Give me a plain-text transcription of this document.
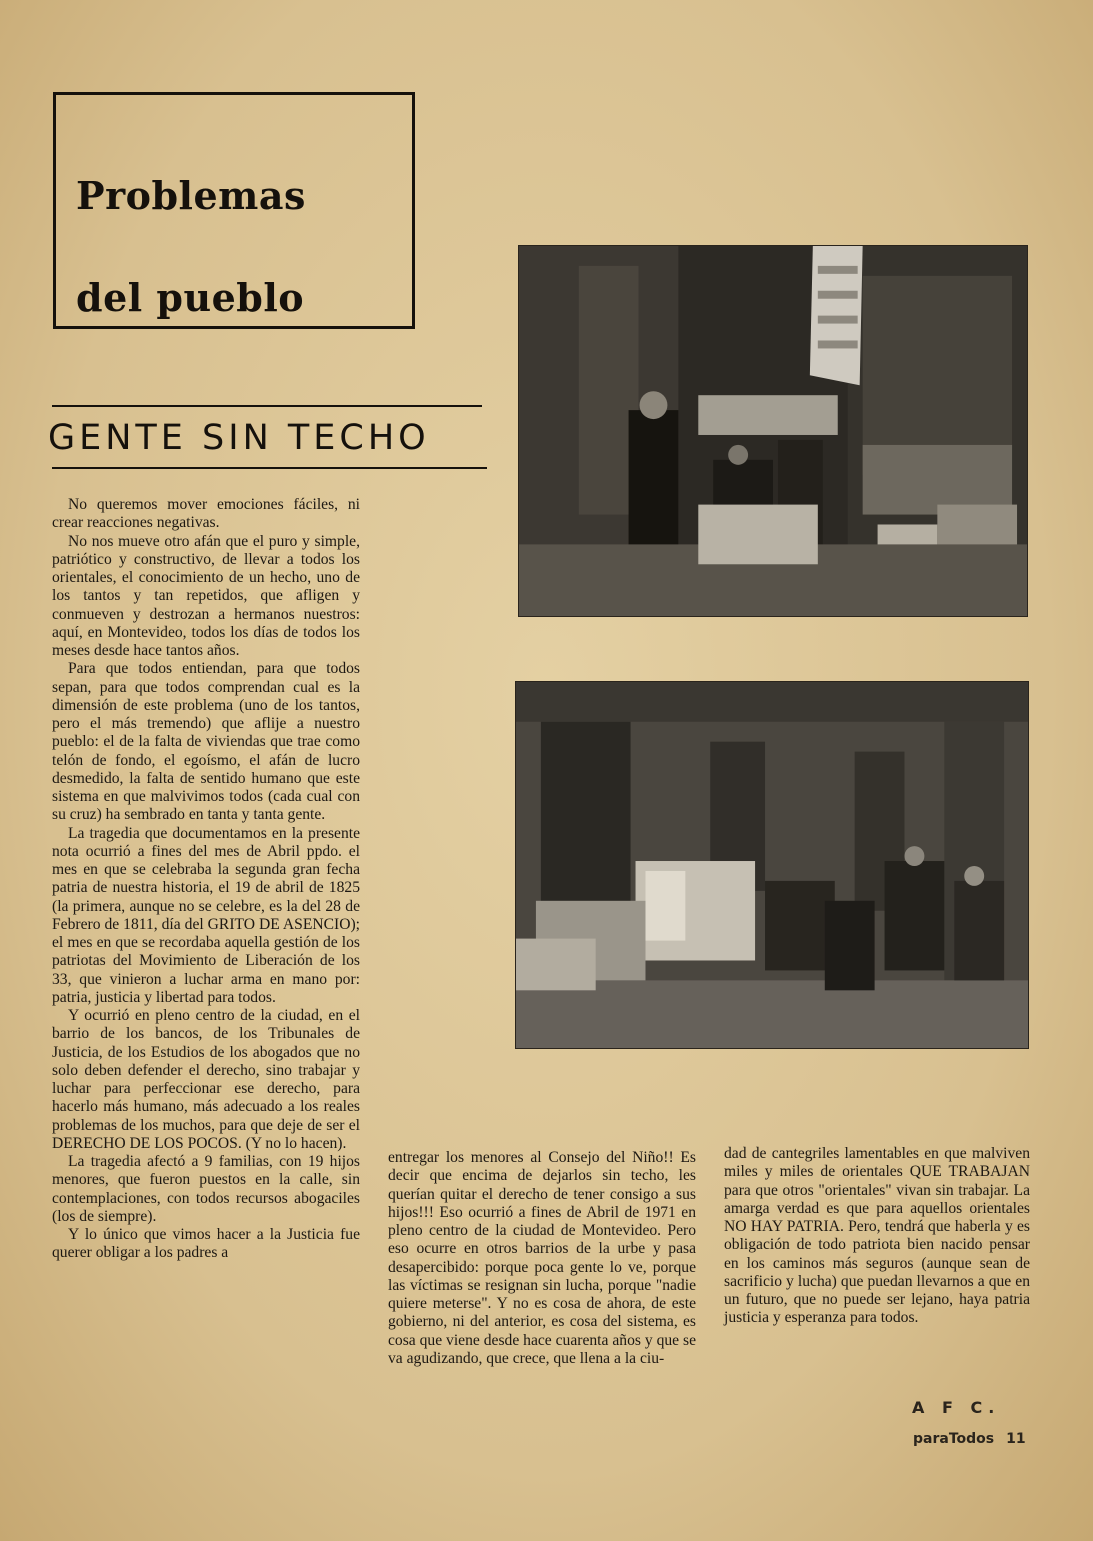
Problemas
del pueblo
GENTE SIN TECHO

No queremos mover emociones fáciles, ni crear reacciones negativas.

No nos mueve otro afán que el puro y simple, patriótico y constructivo, de llevar a todos los orientales, el conocimiento de un hecho, uno de los tantos y tan repetidos, que afligen y conmueven y destrozan a hermanos nuestros: aquí, en Montevideo, todos los días de todos los meses desde hace tantos años.

Para que todos entiendan, para que todos sepan, para que todos comprendan cual es la dimensión de este problema (uno de los tantos, pero el más tremendo) que aflije a nuestro pueblo: el de la falta de viviendas que trae como telón de fondo, el egoísmo, el afán de lucro desmedido, la falta de sentido humano que este sistema en que malvivimos todos (cada cual con su cruz) ha sembrado en tanta y tanta gente.

La tragedia que documentamos en la presente nota ocurrió a fines del mes de Abril ppdo. el mes en que se celebraba la segunda gran fecha patria de nuestra historia, el 19 de abril de 1825 (la primera, aunque no se celebre, es la del 28 de Febrero de 1811, día del GRITO DE ASENCIO); el mes en que se recordaba aquella gestión de los patriotas del Movimiento de Liberación de los 33, que vinieron a luchar arma en mano por: patria, justicia y libertad para todos.

Y ocurrió en pleno centro de la ciudad, en el barrio de los bancos, de los Tribunales de Justicia, de los Estudios de los abogados que no solo deben defender el derecho, sino trabajar y luchar para perfeccionar ese derecho, para hacerlo más humano, más adecuado a los reales problemas de los muchos, para que deje de ser el DERECHO DE LOS POCOS. (Y no lo hacen).

La tragedia afectó a 9 familias, con 19 hijos menores, que fueron puestos en la calle, sin contemplaciones, con todos recursos abogaciles (los de siempre).

Y lo único que vimos hacer a la Justicia fue querer obligar a los padres a

entregar los menores al Consejo del Niño!! Es decir que encima de dejarlos sin techo, les querían quitar el derecho de tener consigo a sus hijos!!! Eso ocurrió a fines de Abril de 1971 en pleno centro de la ciudad de Montevideo. Pero eso ocurre en otros barrios de la urbe y pasa desapercibido: porque poca gente lo ve, porque las víctimas se resignan sin lucha, porque "nadie quiere meterse". Y no es cosa de ahora, de este gobierno, ni del anterior, es cosa del sistema, es cosa que viene desde hace cuarenta años y que se va agudizando, que crece, que llena a la ciu-

dad de cantegriles lamentables en que malviven miles y miles de orientales QUE TRABAJAN para que otros "orientales" vivan sin trabajar. La amarga verdad es que para aquellos orientales NO HAY PATRIA. Pero, tendrá que haberla y es obligación de todo patriota bien nacido pensar en los caminos más seguros (aunque sean de sacrificio y lucha) que puedan llevarnos a que en un futuro, que no puede ser lejano, haya patria justicia y esperanza para todos.

A F C.
paraTodos 11
